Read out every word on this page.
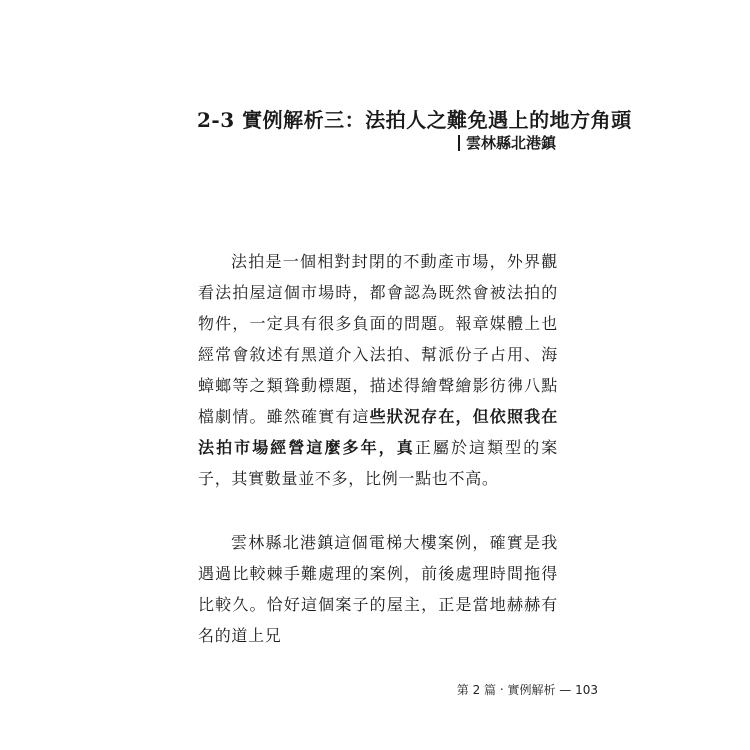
2-3 實例解析三：法拍人之難免遇上的地方角頭
雲林縣北港鎮

法拍是一個相對封閉的不動產市場，外界觀看法拍屋這個市場時，都會認為既然會被法拍的物件，一定具有很多負面的問題。報章媒體上也經常會敘述有黑道介入法拍、幫派份子占用、海蟑螂等之類聳動標題，描述得繪聲繪影彷彿八點檔劇情。雖然確實有這些狀況存在，但依照我在法拍市場經營這麼多年，真正屬於這類型的案子，其實數量並不多，比例一點也不高。

雲林縣北港鎮這個電梯大樓案例，確實是我遇過比較棘手難處理的案例，前後處理時間拖得比較久。恰好這個案子的屋主，正是當地赫赫有名的道上兄

第 2 篇 ‧ 實例解析 — 103
